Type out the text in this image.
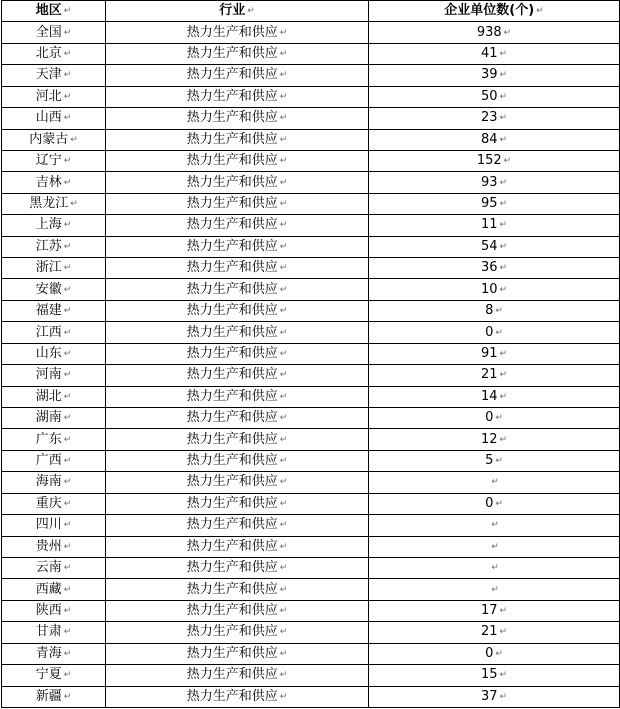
地区 ↵	行业 ↵	企业单位数(个) ↵
全国 ↵	热力生产和供应 ↵	938 ↵
北京 ↵	热力生产和供应 ↵	41 ↵
天津 ↵	热力生产和供应 ↵	39 ↵
河北 ↵	热力生产和供应 ↵	50 ↵
山西 ↵	热力生产和供应 ↵	23 ↵
内蒙古 ↵	热力生产和供应 ↵	84 ↵
辽宁 ↵	热力生产和供应 ↵	152 ↵
吉林 ↵	热力生产和供应 ↵	93 ↵
黑龙江 ↵	热力生产和供应 ↵	95 ↵
上海 ↵	热力生产和供应 ↵	11 ↵
江苏 ↵	热力生产和供应 ↵	54 ↵
浙江 ↵	热力生产和供应 ↵	36 ↵
安徽 ↵	热力生产和供应 ↵	10 ↵
福建 ↵	热力生产和供应 ↵	8 ↵
江西 ↵	热力生产和供应 ↵	0 ↵
山东 ↵	热力生产和供应 ↵	91 ↵
河南 ↵	热力生产和供应 ↵	21 ↵
湖北 ↵	热力生产和供应 ↵	14 ↵
湖南 ↵	热力生产和供应 ↵	0 ↵
广东 ↵	热力生产和供应 ↵	12 ↵
广西 ↵	热力生产和供应 ↵	5 ↵
海南 ↵	热力生产和供应 ↵	↵
重庆 ↵	热力生产和供应 ↵	0 ↵
四川 ↵	热力生产和供应 ↵	↵
贵州 ↵	热力生产和供应 ↵	↵
云南 ↵	热力生产和供应 ↵	↵
西藏 ↵	热力生产和供应 ↵	↵
陕西 ↵	热力生产和供应 ↵	17 ↵
甘肃 ↵	热力生产和供应 ↵	21 ↵
青海 ↵	热力生产和供应 ↵	0 ↵
宁夏 ↵	热力生产和供应 ↵	15 ↵
新疆 ↵	热力生产和供应 ↵	37 ↵
